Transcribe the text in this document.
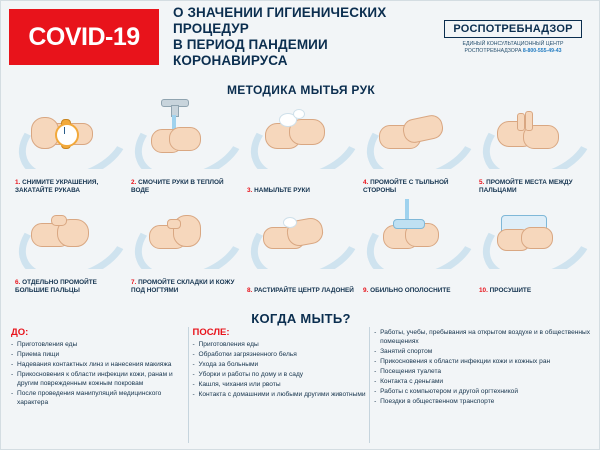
COVID-19
О ЗНАЧЕНИИ ГИГИЕНИЧЕСКИХ ПРОЦЕДУР
В ПЕРИОД ПАНДЕМИИ КОРОНАВИРУСА
РОСПОТРЕБНАДЗОР
ЕДИНЫЙ КОНСУЛЬТАЦИОННЫЙ ЦЕНТР
РОСПОТРЕБНАДЗОРА 8-800-555-49-43
МЕТОДИКА МЫТЬЯ РУК
1. СНИМИТЕ УКРАШЕНИЯ, ЗАКАТАЙТЕ РУКАВА
2. СМОЧИТЕ РУКИ В ТЕПЛОЙ ВОДЕ	3. НАМЫЛЬТЕ РУКИ
4. ПРОМОЙТЕ С ТЫЛЬНОЙ СТОРОНЫ
5. ПРОМОЙТЕ МЕСТА МЕЖДУ ПАЛЬЦАМИ
6. ОТДЕЛЬНО ПРОМОЙТЕ БОЛЬШИЕ ПАЛЬЦЫ
7. ПРОМОЙТЕ СКЛАДКИ И КОЖУ ПОД НОГТЯМИ	8. РАСТИРАЙТЕ ЦЕНТР ЛАДОНЕЙ 9. ОБИЛЬНО ОПОЛОСНИТЕ	10. ПРОСУШИТЕ
КОГДА МЫТЬ?
ДО:
- Приготовления еды
- Приема пищи
- Надевания контактных линз и нанесения макияжа
- Прикосновения к области инфекции кожи, ранам и другим поврежденным кожным покровам
- После проведения манипуляций медицинского характера
ПОСЛЕ:
- Приготовления еды
- Обработки загрязненного белья
- Ухода за больными
- Уборки и работы по дому и в саду
- Кашля, чихания или рвоты
- Контакта с домашними и любыми другими животными
- Работы, учебы, пребывания на открытом воздухе и в общественных помещениях
- Занятий спортом
- Прикосновения к области инфекции кожи и кожных ран
- Посещения туалета
- Контакта с деньгами
- Работы с компьютером и другой оргтехникой
- Поездки в общественном транспорте
